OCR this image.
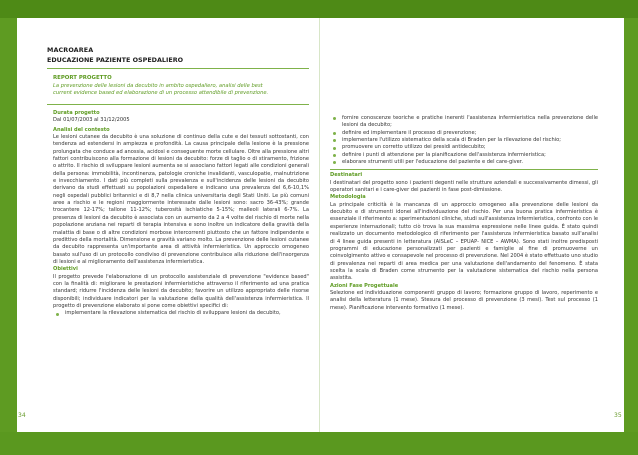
MACROAREA
EDUCAZIONE PAZIENTE OSPEDALIERO
REPORT PROGETTO
La prevenzione delle lesioni da decubito in ambito ospedaliero, analisi delle best
current evidence based ed elaborazione di un processo attendibile di prevenzione.
Durata progetto
Dal 01/07/2003 al 31/12/2005
Analisi del contesto
Le lesioni cutanee da decubito è una soluzione di continuo della cute e dei tessuti sottostanti, con tendenza ad estendersi in ampiezza e profondità. La causa principale della lesione è la pressione prolungata che conduce ad anossia, acidosi e conseguente morte cellulare. Oltre alla pressione altri fattori contribuiscono alla formazione di lesioni da decubito: forze di taglio o di stiramento, frizione o attrito. Il rischio di sviluppare lesioni aumenta se si associano fattori legati alle condizioni generali della persona: immobilità, incontinenza, patologie croniche invalidanti, vasculopatie, malnutrizione e invecchiamento. I dati più completi sulla prevalenza e sull'incidenza delle lesioni da decubito derivano da studi effettuati su popolazioni ospedaliere e indicano una prevalenza del 6,6-10,1% negli ospedali pubblici britannici e di 8,7 nella clinica universitaria degli Stati Uniti. Le più comuni aree a rischio e le regioni maggiormente interessate dalle lesioni sono: sacro 36-43%; grande trocantere 12-17%; tallone 11-12%; tuberosità ischiatiche 5-15%; malleoli laterali 6-7%. La presenza di lesioni da decubito è associata con un aumento da 2 a 4 volte del rischio di morte nella popolazione anziana nei reparti di terapia intensiva e sono inoltre un indicatore della gravità della malattia di base o di altre condizioni morbose intercorrenti piuttosto che un fattore indipendente e predittivo della mortalità. Dimensione e gravità variano molto. La prevenzione delle lesioni cutanee da decubito rappresenta un'importante area di attività infermieristica. Un approccio omogeneo basato sull'uso di un protocollo condiviso di prevenzione contribuisce alla riduzione dell'insorgenza di lesioni e al miglioramento dell'assistenza infermieristica.
Obiettivi
Il progetto prevede l'elaborazione di un protocollo assistenziale di prevenzione "evidence based" con la finalità di: migliorare le prestazioni infermieristiche attraverso il riferimento ad una pratica standard; ridurre l'incidenza delle lesioni da decubito; favorire un utilizzo appropriato delle risorse disponibili; individuare indicatori per la valutazione della qualità dell'assistenza infermieristica. Il progetto di prevenzione elaborato si pone come obiettivi specifici di:
implementare la rilevazione sistematica del rischio di sviluppare lesioni da decubito,
fornire conoscenze teoriche e pratiche inerenti l'assistenza infermieristica nella prevenzione delle lesioni da decubito;
definire ed implementare il processo di prevenzione;
implementare l'utilizzo sistematico della scala di Braden per la rilevazione del rischio;
promuovere un corretto utilizzo dei presidi antidecubito;
definire i punti di attenzione per la pianificazione dell'assistenza infermieristica;
elaborare strumenti utili per l'educazione del paziente e del care-giver.
Destinatari
I destinatari del progetto sono i pazienti degenti nelle strutture aziendali e successivamente dimessi, gli operatori sanitari e i care-giver dei pazienti in fase post-dimissione.
Metodologia
La principale criticità è la mancanza di un approccio omogeneo alla prevenzione delle lesioni da decubito e di strumenti idonei all'individuazione del rischio. Per una buona pratica infermieristica è essenziale il riferimento a: sperimentazioni cliniche, studi sull'assistenza infermieristica, confronto con le esperienze internazionali; tutto ciò trova la sua massima espressione nelle linee guida. È stato quindi realizzato un documento metodologico di riferimento per l'assistenza infermieristica basato sull'analisi di 4 linee guida presenti in letteratura (AISLeC – EPUAP- NICE – AWMA). Sono stati inoltre predisposti programmi di educazione personalizzati per pazienti e famiglie al fine di promuoverne un coinvolgimento attivo e consapevole nel processo di prevenzione. Nel 2004 è stato effettuato uno studio di prevalenza nei reparti di area medica per una valutazione dell'andamento del fenomeno. È stata scelta la scala di Braden come strumento per la valutazione sistematica del rischio nella persona assistita.
Azioni Fase Progettuale
Selezione ed individuazione componenti gruppo di lavoro; formazione gruppo di lavoro, reperimento e analisi della letteratura (1 mese). Stesura del processo di prevenzione (3 mesi). Test sul processo (1 mese). Pianificazione intervento formativo (1 mese).
34	35
